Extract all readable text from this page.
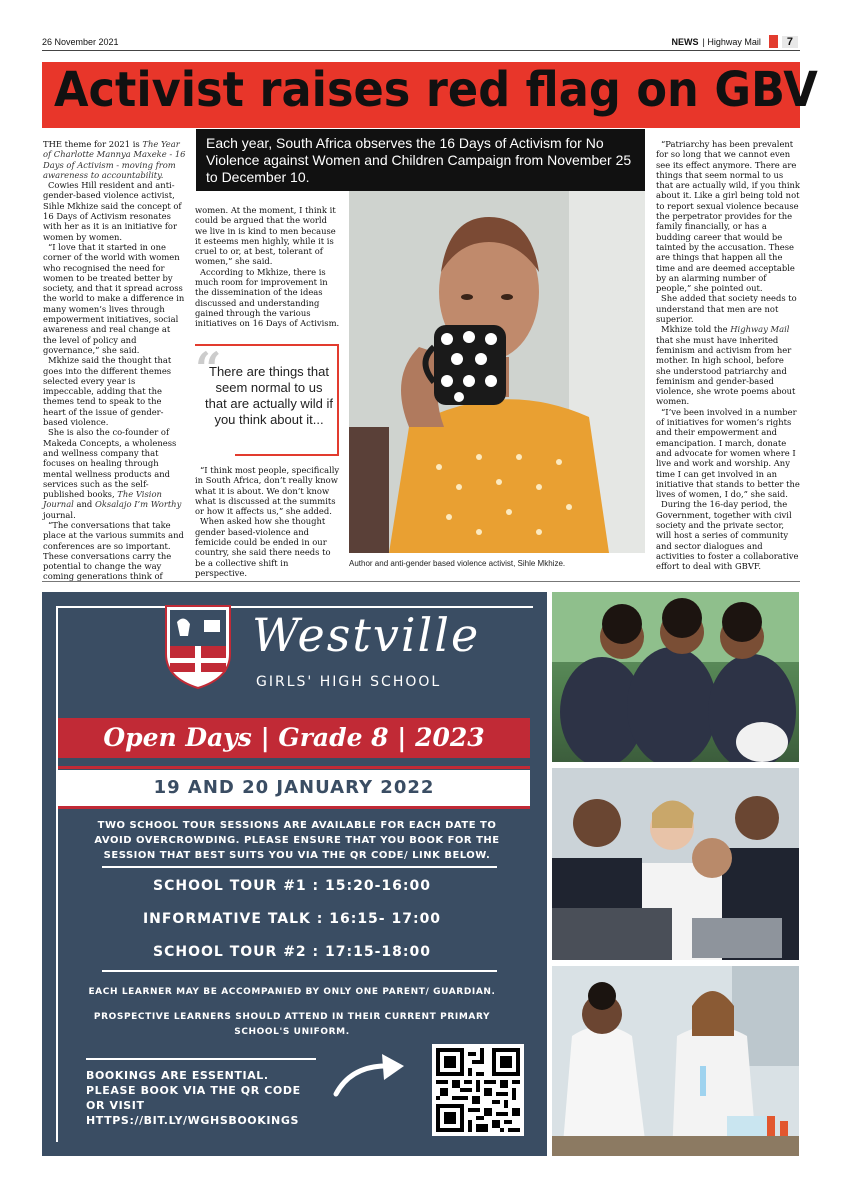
26 November 2021	NEWS | Highway Mail	7
Activist raises red flag on GBV
Each year, South Africa observes the 16 Days of Activism for No Violence against Women and Children Campaign from November 25 to December 10.

THE theme for 2021 is The Year of Charlotte Mannya Maxeke - 16 Days of Activism - moving from awareness to accountability.

Cowies Hill resident and anti-gender-based violence activist, Sihle Mkhize said the concept of 16 Days of Activism resonates with her as it is an initiative for women by women.

“I love that it started in one corner of the world with women who recognised the need for women to be treated better by society, and that it spread across the world to make a difference in many women’s lives through empowerment initiatives, social awareness and real change at the level of policy and governance,” she said.

Mkhize said the thought that goes into the different themes selected every year is impeccable, adding that the themes tend to speak to the heart of the issue of gender-based violence.

She is also the co-founder of Makeda Concepts, a wholeness and wellness company that focuses on healing through mental wellness products and services such as the self-published books, The Vision Journal and Oksalajo I’m Worthy journal.

“The conversations that take place at the various summits and conferences are so important. These conversations carry the potential to change the way coming generations think of

women. At the moment, I think it could be argued that the world we live in is kind to men because it esteems men highly, while it is cruel to or, at best, tolerant of women,” she said.

According to Mkhize, there is much room for improvement in the dissemination of the ideas discussed and understanding gained through the various initiatives on 16 Days of Activism.

“
There are things that seem normal to us that are actually wild if you think about it...

“I think most people, specifically in South Africa, don’t really know what it is about. We don’t know what is discussed at the summits or how it affects us,” she added.

When asked how she thought gender based-violence and femicide could be ended in our country, she said there needs to be a collective shift in perspective.

Author and anti-gender based violence activist, Sihle Mkhize.

“Patriarchy has been prevalent for so long that we cannot even see its effect anymore. There are things that seem normal to us that are actually wild, if you think about it. Like a girl being told not to report sexual violence because the perpetrator provides for the family financially, or has a budding career that would be tainted by the accusation. These are things that happen all the time and are deemed acceptable by an alarming number of people,” she pointed out.

She added that society needs to understand that men are not superior.

Mkhize told the Highway Mail that she must have inherited feminism and activism from her mother. In high school, before she understood patriarchy and feminism and gender-based violence, she wrote poems about women.

“I’ve been involved in a number of initiatives for women’s rights and their empowerment and emancipation. I march, donate and advocate for women where I live and work and worship. Any time I can get involved in an initiative that stands to better the lives of women, I do,” she said.

During the 16-day period, the Government, together with civil society and the private sector, will host a series of community and sector dialogues and activities to foster a collaborative effort to deal with GBVF.

Westville
GIRLS' HIGH SCHOOL
Open Days | Grade 8 | 2023
19 AND 20 JANUARY 2022
TWO SCHOOL TOUR SESSIONS ARE AVAILABLE FOR EACH DATE TO AVOID OVERCROWDING. PLEASE ENSURE THAT YOU BOOK FOR THE SESSION THAT BEST SUITS YOU VIA THE QR CODE/ LINK BELOW.
SCHOOL TOUR #1 : 15:20-16:00
INFORMATIVE TALK : 16:15- 17:00
SCHOOL TOUR #2 : 17:15-18:00
EACH LEARNER MAY BE ACCOMPANIED BY ONLY ONE PARENT/ GUARDIAN.
PROSPECTIVE LEARNERS SHOULD ATTEND IN THEIR CURRENT PRIMARY SCHOOL'S UNIFORM.
BOOKINGS ARE ESSENTIAL.
PLEASE BOOK VIA THE QR CODE
OR VISIT HTTPS://BIT.LY/WGHSBOOKINGS
